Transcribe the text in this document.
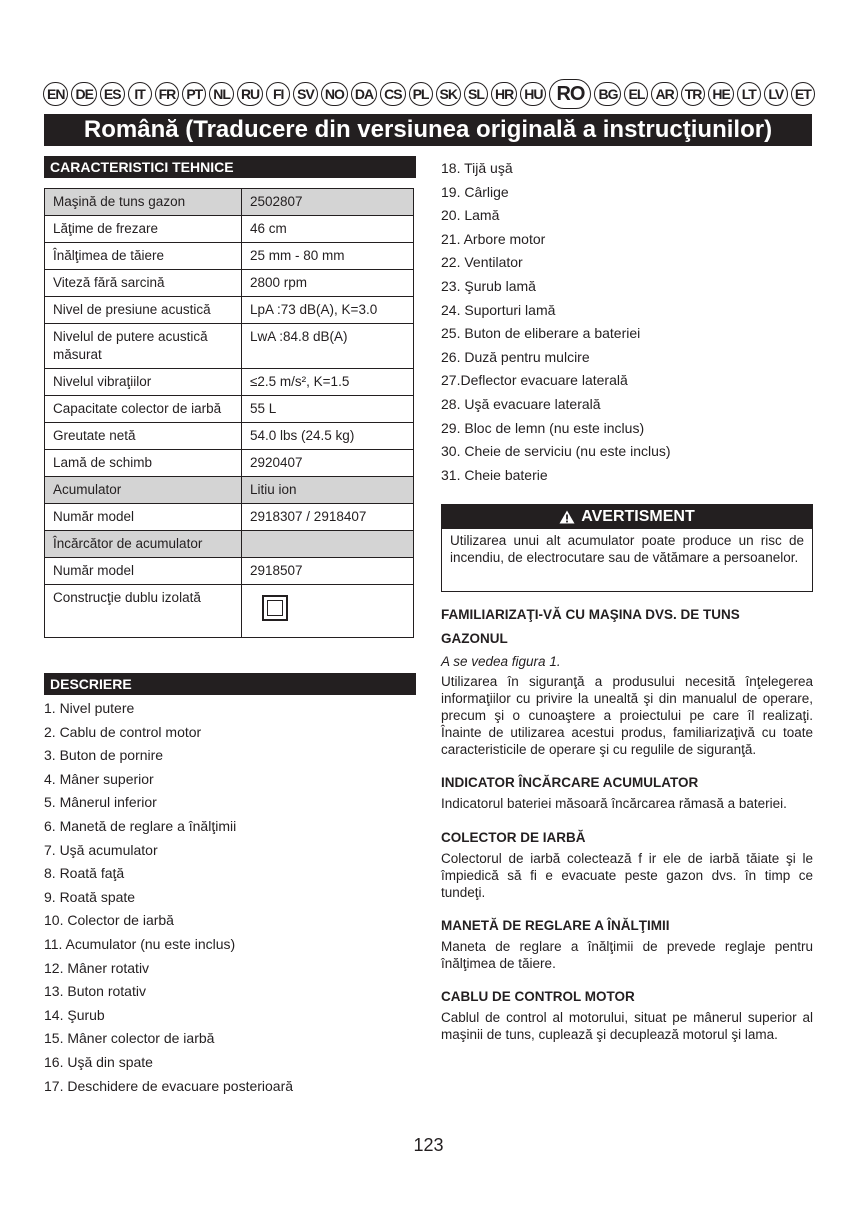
EN DE ES IT FR PT NL RU FI SV NO DA CS PL SK SL HR HU RO	BG EL AR TR HE LT LV ET
Română (Traducere din versiunea originală a instrucţiunilor)
CARACTERISTICI TEHNICE
Maşină de tuns gazon	2502807
Lăţime de frezare	46 cm
Înălţimea de tăiere	25 mm - 80 mm
Viteză fără sarcină	2800 rpm
Nivel de presiune acustică	LpA :73 dB(A), K=3.0
Nivelul de putere acustică măsurat	LwA :84.8 dB(A)
Nivelul vibraţiilor	≤2.5 m/s², K=1.5
Capacitate colector de iarbă	55 L
Greutate netă	54.0 lbs (24.5 kg)
Lamă de schimb	2920407
Acumulator	Litiu ion
Număr model	2918307 / 2918407
Încărcător de acumulator	
Număr model	2918507
Construcţie dublu izolată	
DESCRIERE
1. Nivel putere
2. Cablu de control motor
3. Buton de pornire
4. Mâner superior
5. Mânerul inferior
6. Manetă de reglare a înălţimii
7. Uşă acumulator
8. Roată faţă
9. Roată spate
10. Colector de iarbă
11. Acumulator (nu este inclus)
12. Mâner rotativ
13. Buton rotativ
14. Şurub
15. Mâner colector de iarbă
16. Uşă din spate
17. Deschidere de evacuare posterioară
18. Tijă uşă
19. Cârlige
20. Lamă
21. Arbore motor
22. Ventilator
23. Şurub lamă
24. Suporturi lamă
25. Buton de eliberare a bateriei
26. Duză pentru mulcire
27.Deflector evacuare laterală
28. Uşă evacuare laterală
29. Bloc de lemn (nu este inclus)
30. Cheie de serviciu (nu este inclus)
31. Cheie baterie
AVERTISMENT
Utilizarea unui alt acumulator poate produce un risc de incendiu, de electrocutare sau de vătămare a persoanelor.
FAMILIARIZAŢI-VĂ CU MAŞINA DVS. DE TUNS
GAZONUL
A se vedea figura 1.
Utilizarea în siguranţă a produsului necesită înţelegerea informaţiilor cu privire la unealtă şi din manualul de operare, precum şi o cunoaştere a proiectului pe care îl realizaţi. Înainte de utilizarea acestui produs, familiarizaţivă cu toate caracteristicile de operare şi cu regulile de siguranţă.
INDICATOR ÎNCĂRCARE ACUMULATOR
Indicatorul bateriei măsoară încărcarea rămasă a bateriei.
COLECTOR DE IARBĂ
Colectorul de iarbă colectează f ir ele de iarbă tăiate şi le împiedică să fi e evacuate peste gazon dvs. în timp ce tundeţi.
MANETĂ DE REGLARE A ÎNĂLŢIMII
Maneta de reglare a înălţimii de prevede reglaje pentru înălţimea de tăiere.
CABLU DE CONTROL MOTOR
Cablul de control al motorului, situat pe mânerul superior al maşinii de tuns, cuplează şi decuplează motorul şi lama.
123
